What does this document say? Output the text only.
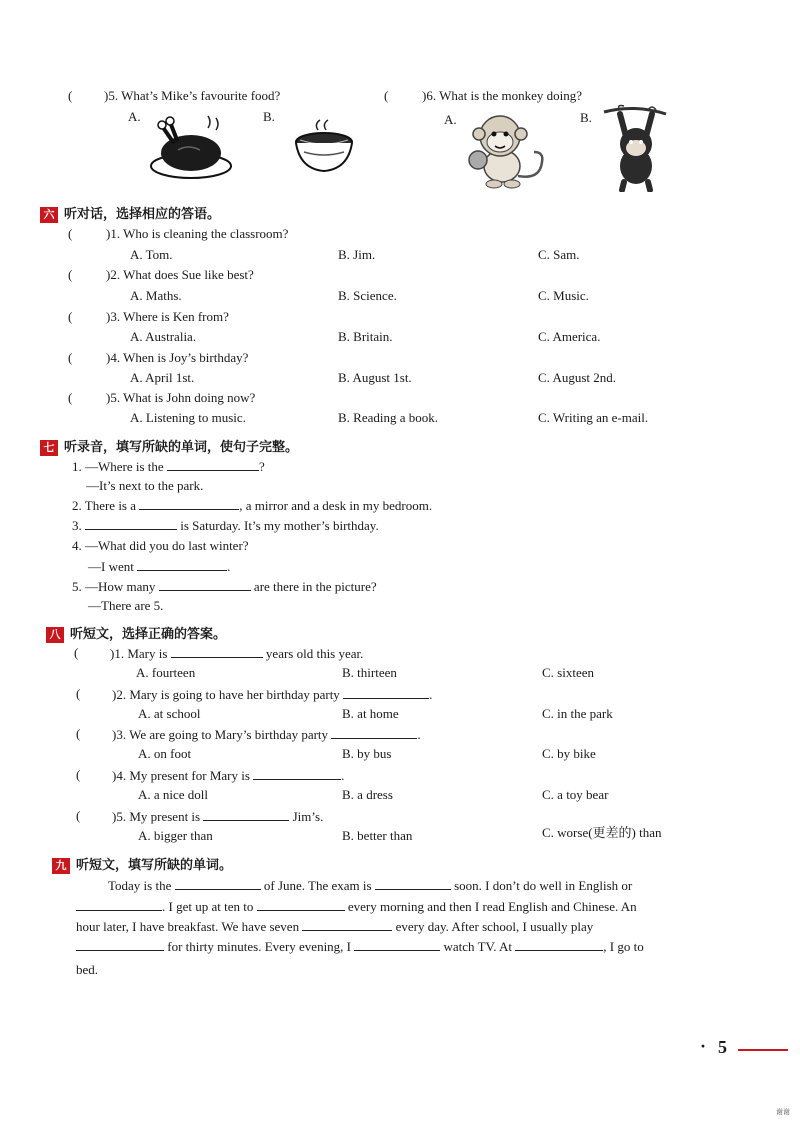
( )5. What’s Mike’s favourite food?
A.	B.
(	)6. What is the monkey doing?
A.	B.
六 听对话，选择相应的答语。
(	)1. Who is cleaning the classroom?
A. Tom.	B. Jim.	C. Sam.
(	)2. What does Sue like best?
A. Maths.	B. Science.	C. Music.
(	)3. Where is Ken from?
A. Australia.	B. Britain.	C. America.
(	)4. When is Joy’s birthday?
A. April 1st.	B. August 1st.	C. August 2nd.
(	)5. What is John doing now?
A. Listening to music.	B. Reading a book.	C. Writing an e-mail.
七 听录音，填写所缺的单词，使句子完整。
1. —Where is the	?
—It’s next to the park.
2. There is a	, a mirror and a desk in my bedroom.
3.	is Saturday. It’s my mother’s birthday.
4. —What did you do last winter?
—I went	.
5. —How many	are there in the picture?
—There are 5.
八 听短文，选择正确的答案。
( )1. Mary is	years old this year.
A. fourteen	B. thirteen	C. sixteen
( )2. Mary is going to have her birthday party	.
A. at school	B. at home	C. in the park
( )3. We are going to Mary’s birthday party	.
A. on foot	B. by bus	C. by bike
( )4. My present for Mary is	.
A. a nice doll	B. a dress	C. a toy bear
( )5. My present is	Jim’s.
A. bigger than	B. better than	C. worse(更差的) than
九 听短文，填写所缺的单词。
Today is the	of June. The exam is	soon. I don’t do well in English or
. I get up at ten to	every morning and then I read English and Chinese. An
hour later, I have breakfast. We have seven	every day. After school, I usually play
for thirty minutes. Every evening, I	watch TV. At	, I go to
bed.
· 5
谢谢
